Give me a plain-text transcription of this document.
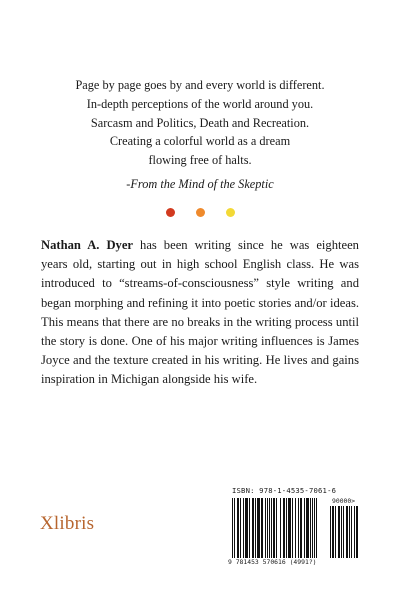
Page by page goes by and every world is different.
In-depth perceptions of the world around you.
Sarcasm and Politics, Death and Recreation.
Creating a colorful world as a dream
flowing free of halts.
-From the Mind of the Skeptic
Nathan A. Dyer has been writing since he was eighteen
years old, starting out in high school English class. He was
introduced to “streams-of-consciousness” style writing and
began morphing and refining it into poetic stories and/or ideas.
This means that there are no breaks in the writing process until
the story is done. One of his major writing influences is James
Joyce and the texture created in his writing. He lives and gains
inspiration in Michigan alongside his wife.
Xlibris
ISBN: 978-1-4535-7061-6
90000>
9 781453 570616 (4991?)
